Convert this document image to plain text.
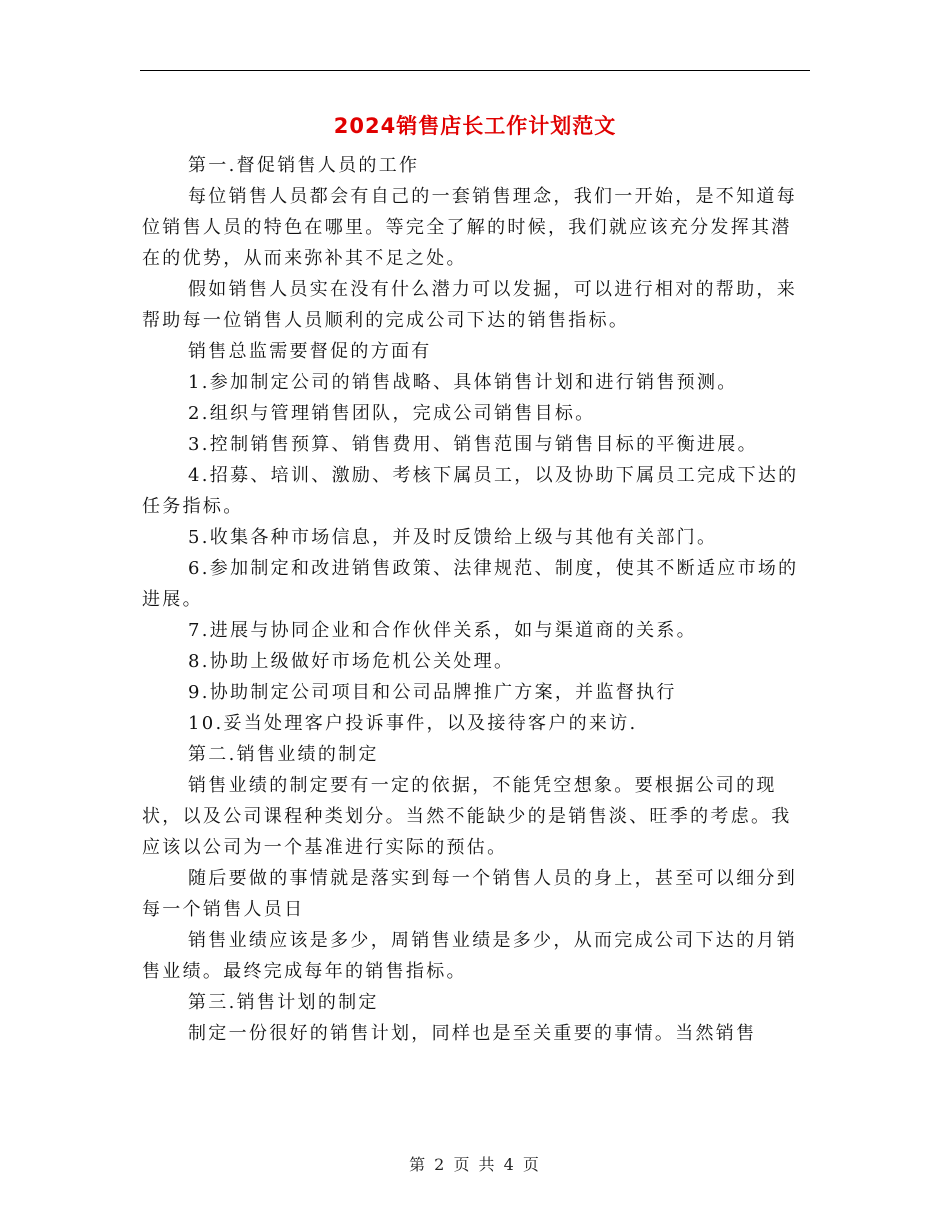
2024销售店长工作计划范文

第一.督促销售人员的工作

每位销售人员都会有自己的一套销售理念，我们一开始，是不知道每位销售人员的特色在哪里。等完全了解的时候，我们就应该充分发挥其潜在的优势，从而来弥补其不足之处。

假如销售人员实在没有什么潜力可以发掘，可以进行相对的帮助，来帮助每一位销售人员顺利的完成公司下达的销售指标。

销售总监需要督促的方面有

1.参加制定公司的销售战略、具体销售计划和进行销售预测。

2.组织与管理销售团队，完成公司销售目标。

3.控制销售预算、销售费用、销售范围与销售目标的平衡进展。

4.招募、培训、激励、考核下属员工，以及协助下属员工完成下达的任务指标。

5.收集各种市场信息，并及时反馈给上级与其他有关部门。

6.参加制定和改进销售政策、法律规范、制度，使其不断适应市场的进展。

7.进展与协同企业和合作伙伴关系，如与渠道商的关系。

8.协助上级做好市场危机公关处理。

9.协助制定公司项目和公司品牌推广方案，并监督执行

10.妥当处理客户投诉事件，以及接待客户的来访.

第二.销售业绩的制定

销售业绩的制定要有一定的依据，不能凭空想象。要根据公司的现状，以及公司课程种类划分。当然不能缺少的是销售淡、旺季的考虑。我应该以公司为一个基准进行实际的预估。

随后要做的事情就是落实到每一个销售人员的身上，甚至可以细分到每一个销售人员日

销售业绩应该是多少，周销售业绩是多少，从而完成公司下达的月销售业绩。最终完成每年的销售指标。

第三.销售计划的制定

制定一份很好的销售计划，同样也是至关重要的事情。当然销售

第 2 页 共 4 页
